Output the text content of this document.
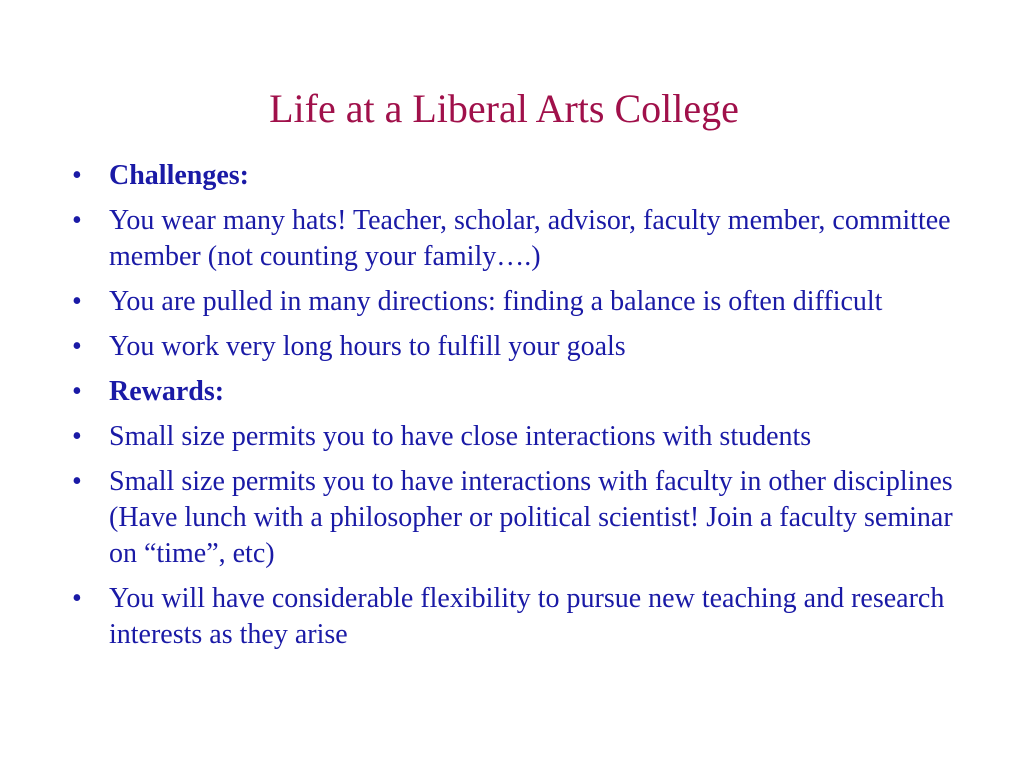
Life at a Liberal Arts College
• Challenges:
• You wear many hats! Teacher, scholar, advisor, faculty member, committee member (not counting your family….)
• You are pulled in many directions: finding a balance is often difficult
• You work very long hours to fulfill your goals
• Rewards:
• Small size permits you to have close interactions with students
• Small size permits you to have interactions with faculty in other disciplines (Have lunch with a philosopher or political scientist! Join a faculty seminar on “time”, etc)
• You will have considerable flexibility to pursue new teaching and research interests as they arise
